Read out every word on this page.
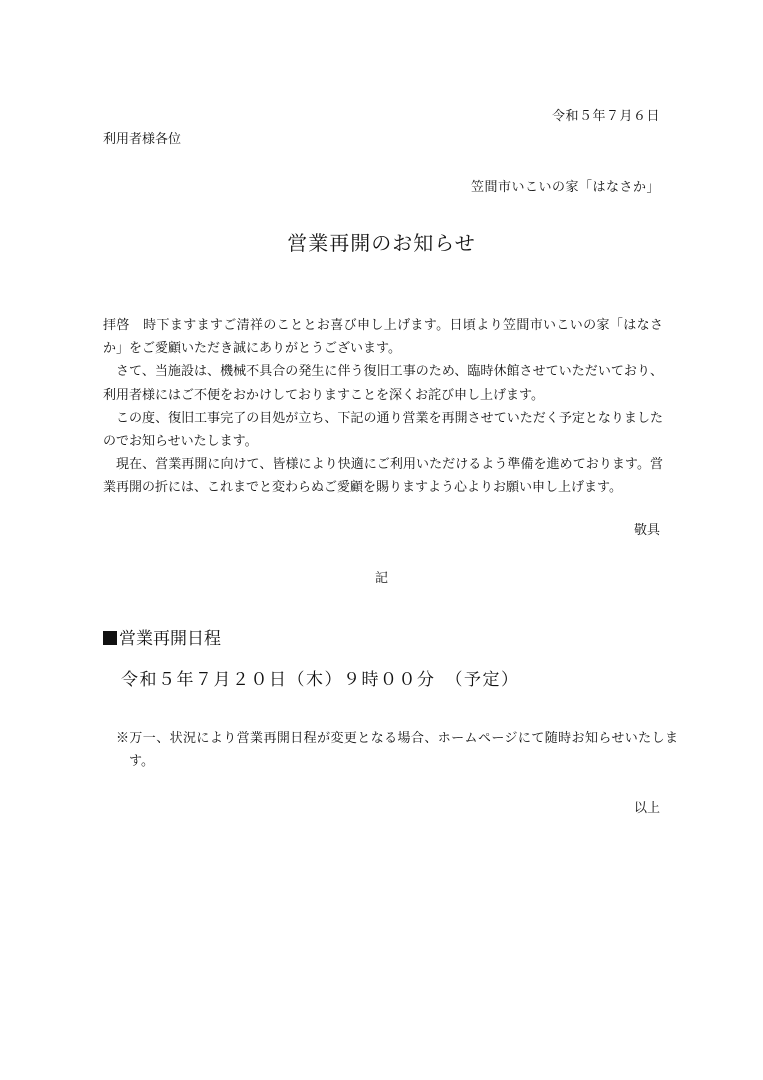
令和５年７月６日
利用者様各位
笠間市いこいの家「はなさか」
営業再開のお知らせ

拝啓　時下ますますご清祥のこととお喜び申し上げます。日頃より笠間市いこいの家「はなさか」をご愛顧いただき誠にありがとうございます。

さて、当施設は、機械不具合の発生に伴う復旧工事のため、臨時休館させていただいており、利用者様にはご不便をおかけしておりますことを深くお詫び申し上げます。

この度、復旧工事完了の目処が立ち、下記の通り営業を再開させていただく予定となりましたのでお知らせいたします。

現在、営業再開に向けて、皆様により快適にご利用いただけるよう準備を進めております。営業再開の折には、これまでと変わらぬご愛顧を賜りますよう心よりお願い申し上げます。

敬具
記
営業再開日程
令和５年７月２０日（木）９時００分　（予定）

※万一、状況により営業再開日程が変更となる場合、ホームページにて随時お知らせいたします。

以上
